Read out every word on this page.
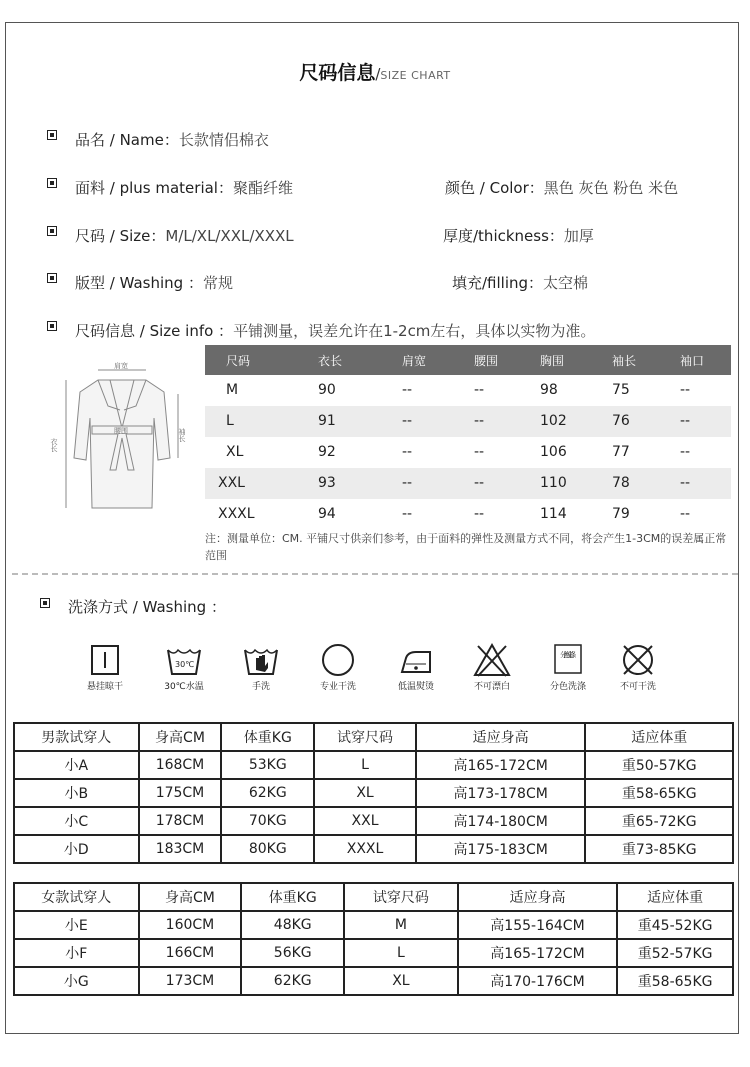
尺码信息/SIZE CHART
品名 / Name：长款情侣棉衣
面料 / plus material：聚酯纤维	颜色 / Color：黑色 灰色 粉色 米色
尺码 / Size：M/L/XL/XXL/XXXL	厚度/thickness：加厚
版型 / Washing ：常规	填充/filling：太空棉
尺码信息 / Size info ：平铺测量，误差允许在1-2cm左右，具体以实物为准。
肩宽
腰围
衣长
袖长
尺码	衣长	肩宽	腰围	胸围	袖长	袖口
M	90	--	--	98	75	--
L	91	--	--	102	76	--
XL	92	--	--	106	77	--
XXL	93	--	--	110	78	--
XXXL	94	--	--	114	79	--
注：测量单位：CM. 平铺尺寸供亲们参考，由于面料的弹性及测量方式不同，将会产生1-3CM的误差属正常范围
洗涤方式 / Washing ：
悬挂晾干
30℃
30℃水温	手洗	专业干洗	低温熨烫	不可漂白
分色洗涤
分色洗涤	不可干洗
男款试穿人	身高CM	体重KG	试穿尺码	适应身高	适应体重
小A	168CM	53KG	L	高165-172CM	重50-57KG
小B	175CM	62KG	XL	高173-178CM	重58-65KG
小C	178CM	70KG	XXL	高174-180CM	重65-72KG
小D	183CM	80KG	XXXL	高175-183CM	重73-85KG
女款试穿人	身高CM	体重KG	试穿尺码	适应身高	适应体重
小E	160CM	48KG	M	高155-164CM	重45-52KG
小F	166CM	56KG	L	高165-172CM	重52-57KG
小G	173CM	62KG	XL	高170-176CM	重58-65KG
